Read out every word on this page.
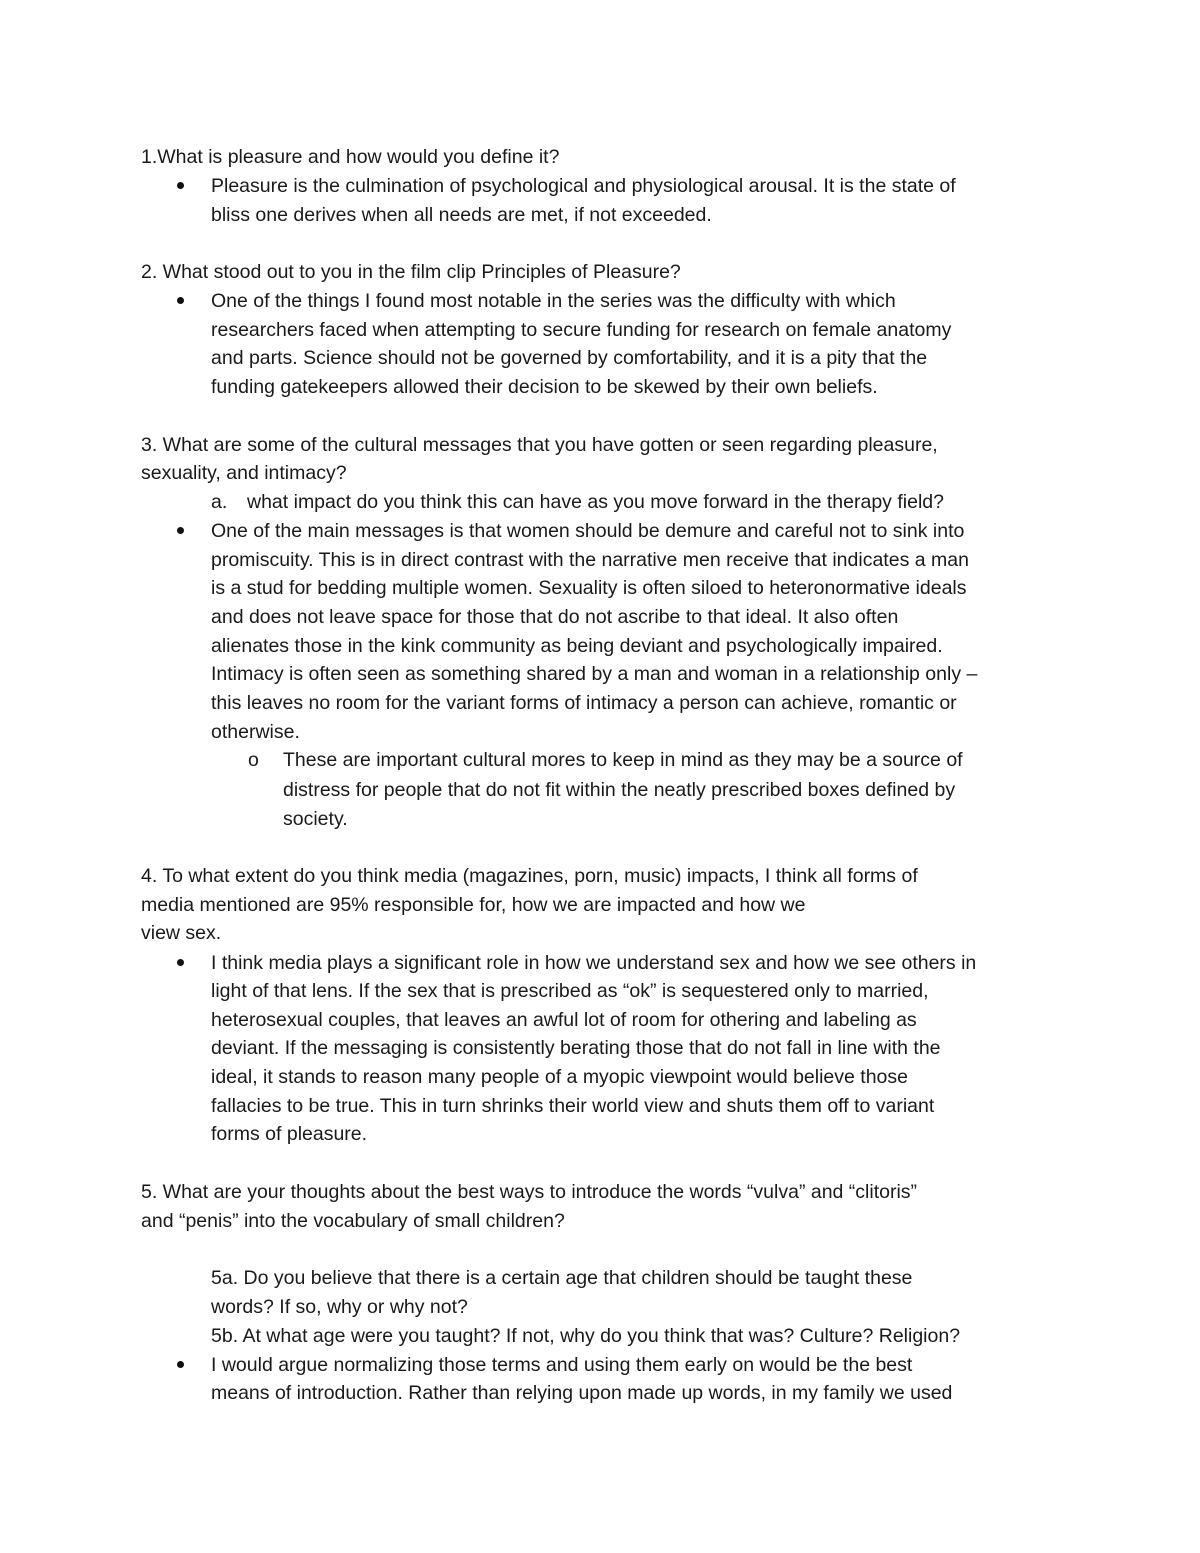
1.What is pleasure and how would you define it?
Pleasure is the culmination of psychological and physiological arousal. It is the state of
bliss one derives when all needs are met, if not exceeded.
2. What stood out to you in the film clip Principles of Pleasure?
One of the things I found most notable in the series was the difficulty with which
researchers faced when attempting to secure funding for research on female anatomy
and parts. Science should not be governed by comfortability, and it is a pity that the
funding gatekeepers allowed their decision to be skewed by their own beliefs.
3. What are some of the cultural messages that you have gotten or seen regarding pleasure,
sexuality, and intimacy?
a. what impact do you think this can have as you move forward in the therapy field?
One of the main messages is that women should be demure and careful not to sink into
promiscuity. This is in direct contrast with the narrative men receive that indicates a man
is a stud for bedding multiple women. Sexuality is often siloed to heteronormative ideals
and does not leave space for those that do not ascribe to that ideal. It also often
alienates those in the kink community as being deviant and psychologically impaired.
Intimacy is often seen as something shared by a man and woman in a relationship only –
this leaves no room for the variant forms of intimacy a person can achieve, romantic or
otherwise.
o These are important cultural mores to keep in mind as they may be a source of
distress for people that do not fit within the neatly prescribed boxes defined by
society.
4. To what extent do you think media (magazines, porn, music) impacts, I think all forms of
media mentioned are 95% responsible for, how we are impacted and how we
view sex.
I think media plays a significant role in how we understand sex and how we see others in
light of that lens. If the sex that is prescribed as “ok” is sequestered only to married,
heterosexual couples, that leaves an awful lot of room for othering and labeling as
deviant. If the messaging is consistently berating those that do not fall in line with the
ideal, it stands to reason many people of a myopic viewpoint would believe those
fallacies to be true. This in turn shrinks their world view and shuts them off to variant
forms of pleasure.
5. What are your thoughts about the best ways to introduce the words “vulva” and “clitoris”
and “penis” into the vocabulary of small children?
5a. Do you believe that there is a certain age that children should be taught these
words? If so, why or why not?
5b. At what age were you taught? If not, why do you think that was? Culture? Religion?
I would argue normalizing those terms and using them early on would be the best
means of introduction. Rather than relying upon made up words, in my family we used
